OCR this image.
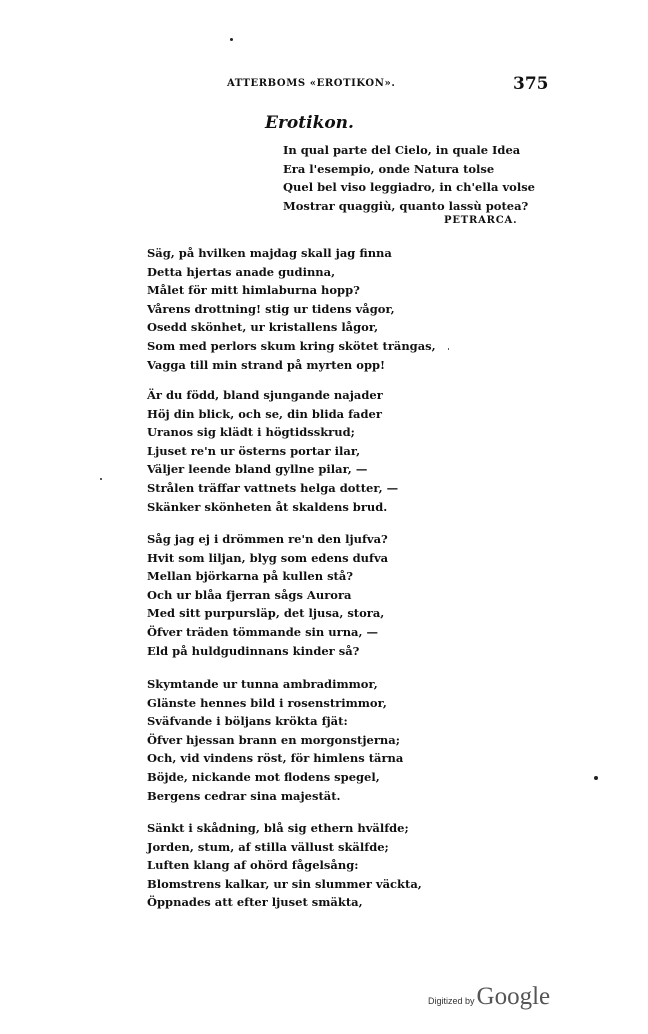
ATTERBOMS «EROTIKON».	375
Erotikon.
In qual parte del Cielo, in quale Idea
Era l'esempio, onde Natura tolse
Quel bel viso leggiadro, in ch'ella volse
Mostrar quaggiù, quanto lassù potea?
PETRARCA.
Säg, på hvilken majdag skall jag finna
Detta hjertas anade gudinna,
Målet för mitt himlaburna hopp?
Vårens drottning! stig ur tidens vågor,
Osedd skönhet, ur kristallens lågor,
Som med perlors skum kring skötet trängas,
Vagga till min strand på myrten opp!
Är du född, bland sjungande najader
Höj din blick, och se, din blida fader
Uranos sig klädt i högtidsskrud;
Ljuset re'n ur österns portar ilar,
Väljer leende bland gyllne pilar, —
Strålen träffar vattnets helga dotter, —
Skänker skönheten åt skaldens brud.
Såg jag ej i drömmen re'n den ljufva?
Hvit som liljan, blyg som edens dufva
Mellan björkarna på kullen stå?
Och ur blåa fjerran sågs Aurora
Med sitt purpursläp, det ljusa, stora,
Öfver träden tömmande sin urna, —
Eld på huldgudinnans kinder så?
Skymtande ur tunna ambradimmor,
Glänste hennes bild i rosenstrimmor,
Sväfvande i böljans krökta fjät:
Öfver hjessan brann en morgonstjerna;
Och, vid vindens röst, för himlens tärna
Böjde, nickande mot flodens spegel,
Bergens cedrar sina majestät.
Sänkt i skådning, blå sig ethern hvälfde;
Jorden, stum, af stilla vällust skälfde;
Luften klang af ohörd fågelsång:
Blomstrens kalkar, ur sin slummer väckta,
Öppnades att efter ljuset smäkta,
Digitized byGoogle
